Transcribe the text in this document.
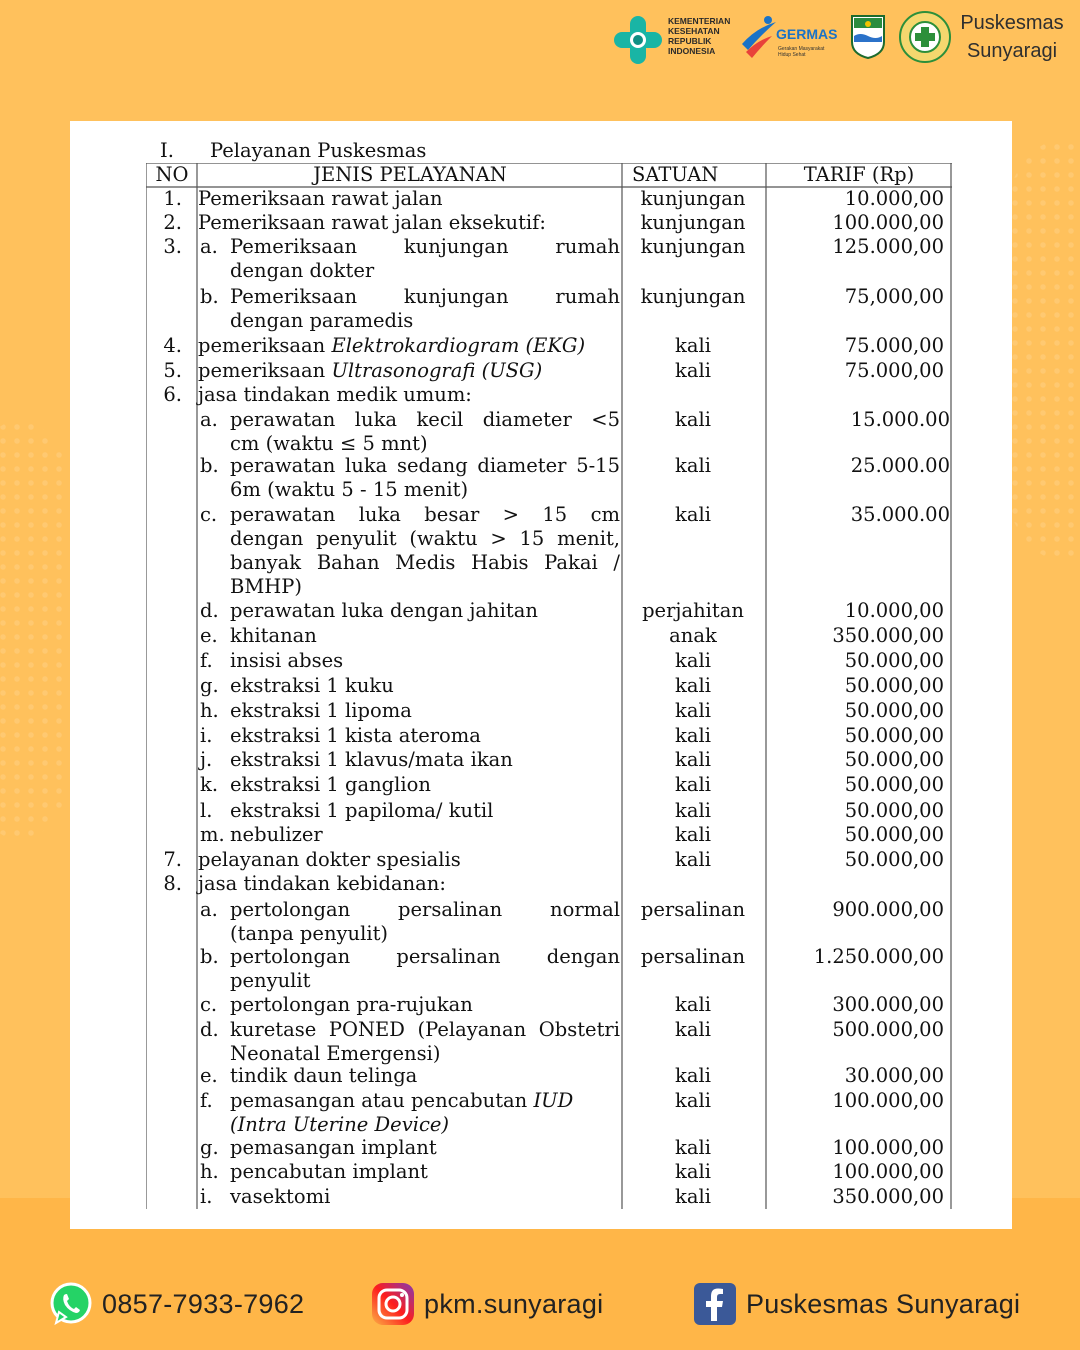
KEMENTERIAN
KESEHATAN
REPUBLIK
INDONESIA
GERMAS
Gerakan Masyarakat Hidup Sehat
Puskesmas
Sunyaragi
I. Pelayanan Puskesmas
NO	JENIS PELAYANAN	SATUAN	TARIF (Rp)
1. Pemeriksaan rawat jalan	kunjungan	10.000,00
2. Pemeriksaan rawat jalan eksekutif:	kunjungan	100.000,00
3. a. Pemeriksaan kunjungan rumah
dengan dokter
kunjungan	125.000,00
b. Pemeriksaan kunjungan rumah
dengan paramedis
kunjungan	75,000,00
4. pemeriksaan Elektrokardiogram (EKG)	kali	75.000,00
5. pemeriksaan Ultrasonografi (USG)	kali	75.000,00
6. jasa tindakan medik umum:
a. perawatan luka kecil diameter <5
cm (waktu ≤ 5 mnt)
kali	15.000.00
b. perawatan luka sedang diameter 5-15
6m (waktu 5 - 15 menit)
kali	25.000.00
c. perawatan luka besar > 15 cm
dengan penyulit (waktu > 15 menit,
banyak Bahan Medis Habis Pakai /
BMHP)
kali	35.000.00
d. perawatan luka dengan jahitan	perjahitan	10.000,00
e. khitanan	anak	350.000,00
f. insisi abses	kali	50.000,00
g. ekstraksi 1 kuku	kali	50.000,00
h. ekstraksi 1 lipoma	kali	50.000,00
i. ekstraksi 1 kista ateroma	kali	50.000,00
j. ekstraksi 1 klavus/mata ikan	kali	50.000,00
k. ekstraksi 1 ganglion	kali	50.000,00
l. ekstraksi 1 papiloma/ kutil	kali	50.000,00
m. nebulizer	kali	50.000,00
7. pelayanan dokter spesialis	kali	50.000,00
8. jasa tindakan kebidanan:
a. pertolongan persalinan normal
(tanpa penyulit)
persalinan	900.000,00
b. pertolongan persalinan dengan
penyulit
persalinan	1.250.000,00
c. pertolongan pra-rujukan	kali	300.000,00
d. kuretase PONED (Pelayanan Obstetri
Neonatal Emergensi)
kali	500.000,00
e. tindik daun telinga	kali	30.000,00
f. pemasangan atau pencabutan IUD
(Intra Uterine Device)
kali	100.000,00
g. pemasangan implant	kali	100.000,00
h. pencabutan implant	kali	100.000,00
i. vasektomi	kali	350.000,00
0857-7933-7962	pkm.sunyaragi	Puskesmas Sunyaragi
